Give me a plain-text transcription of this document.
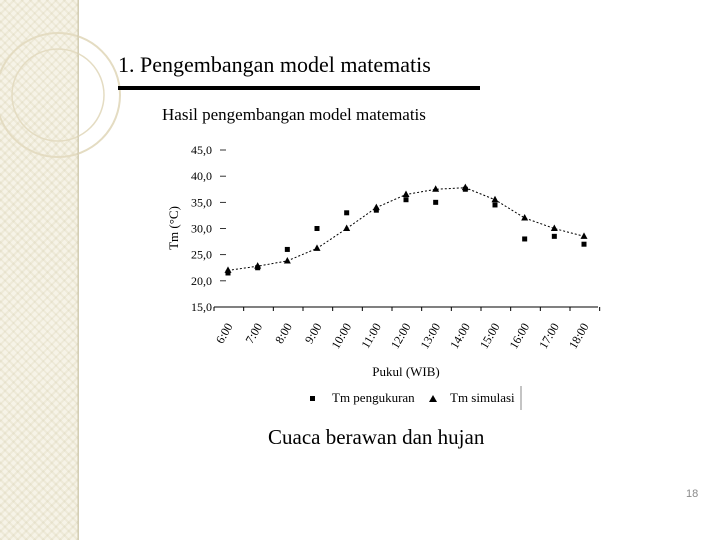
1. Pengembangan model matematis
Hasil pengembangan model matematis
15,0
20,0
25,0
30,0
35,0
40,0
45,0
6:00 7:00 8:00 9:00 10:00 11:00 12:00 13:00 14:00 15:00 16:00 17:00 18:00
Tm (°C)
Pukul (WIB)
Tm pengukuran	Tm simulasi
Cuaca berawan dan hujan
18
